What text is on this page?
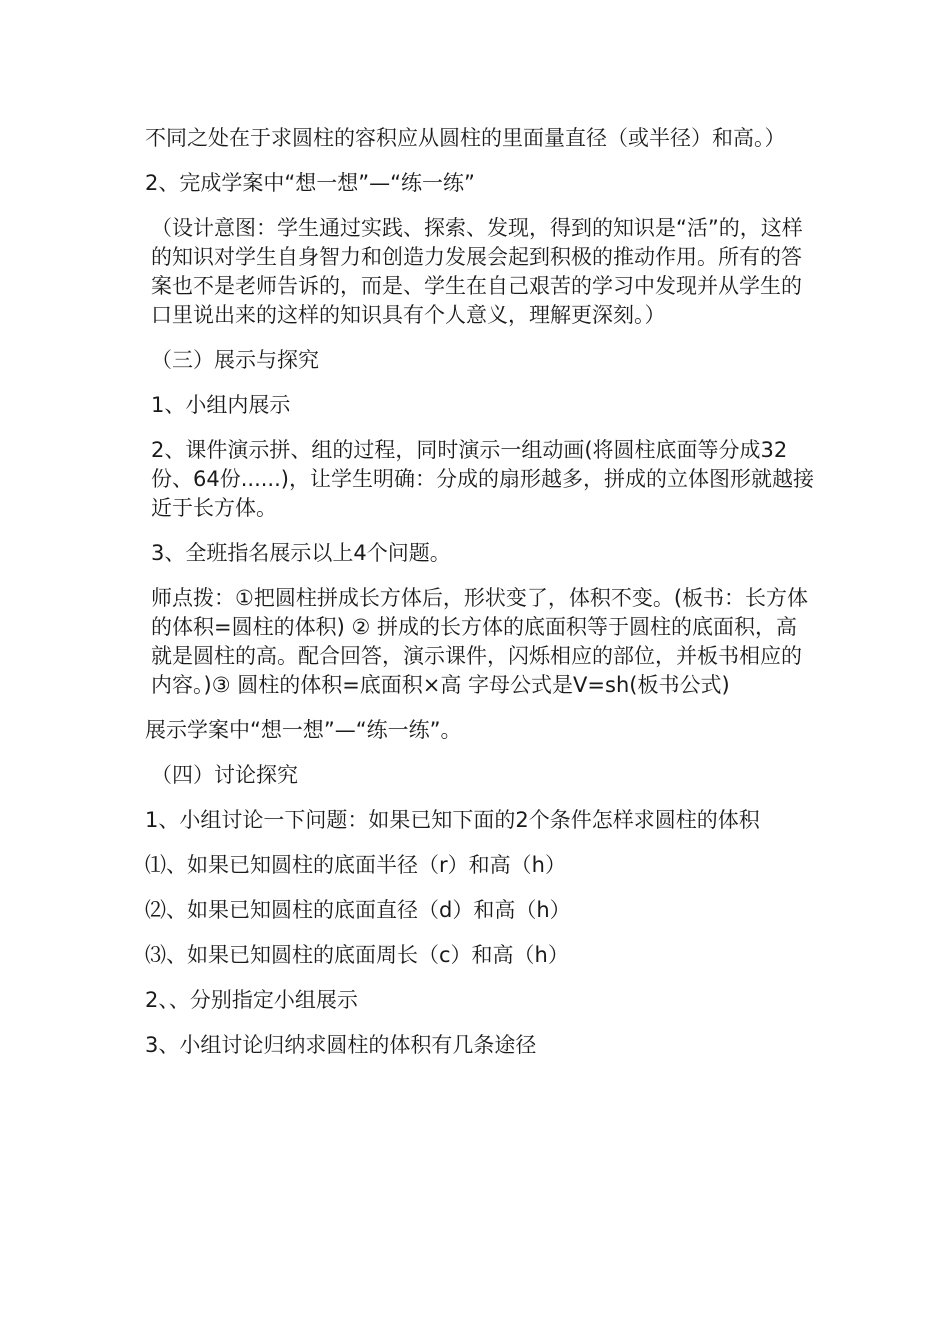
不同之处在于求圆柱的容积应从圆柱的里面量直径（或半径）和高。）

2、完成学案中“想一想”—“练一练”

（设计意图：学生通过实践、探索、发现，得到的知识是“活”的，这样的知识对学生自身智力和创造力发展会起到积极的推动作用。所有的答案也不是老师告诉的，而是、学生在自己艰苦的学习中发现并从学生的口里说出来的这样的知识具有个人意义，理解更深刻。）

（三）展示与探究

1、小组内展示

2、课件演示拼、组的过程，同时演示一组动画(将圆柱底面等分成32份、64份......)，让学生明确：分成的扇形越多，拼成的立体图形就越接近于长方体。

3、全班指名展示以上4个问题。

师点拨：①把圆柱拼成长方体后，形状变了，体积不变。(板书：长方体的体积=圆柱的体积) ② 拼成的长方体的底面积等于圆柱的底面积，高就是圆柱的高。配合回答，演示课件，闪烁相应的部位，并板书相应的内容。)③ 圆柱的体积=底面积×高 字母公式是V=sh(板书公式)

展示学案中“想一想”—“练一练”。

（四）讨论探究

1、小组讨论一下问题：如果已知下面的2个条件怎样求圆柱的体积

⑴、如果已知圆柱的底面半径（r）和高（h）

⑵、如果已知圆柱的底面直径（d）和高（h）

⑶、如果已知圆柱的底面周长（c）和高（h）

2、、分别指定小组展示

3、小组讨论归纳求圆柱的体积有几条途径
